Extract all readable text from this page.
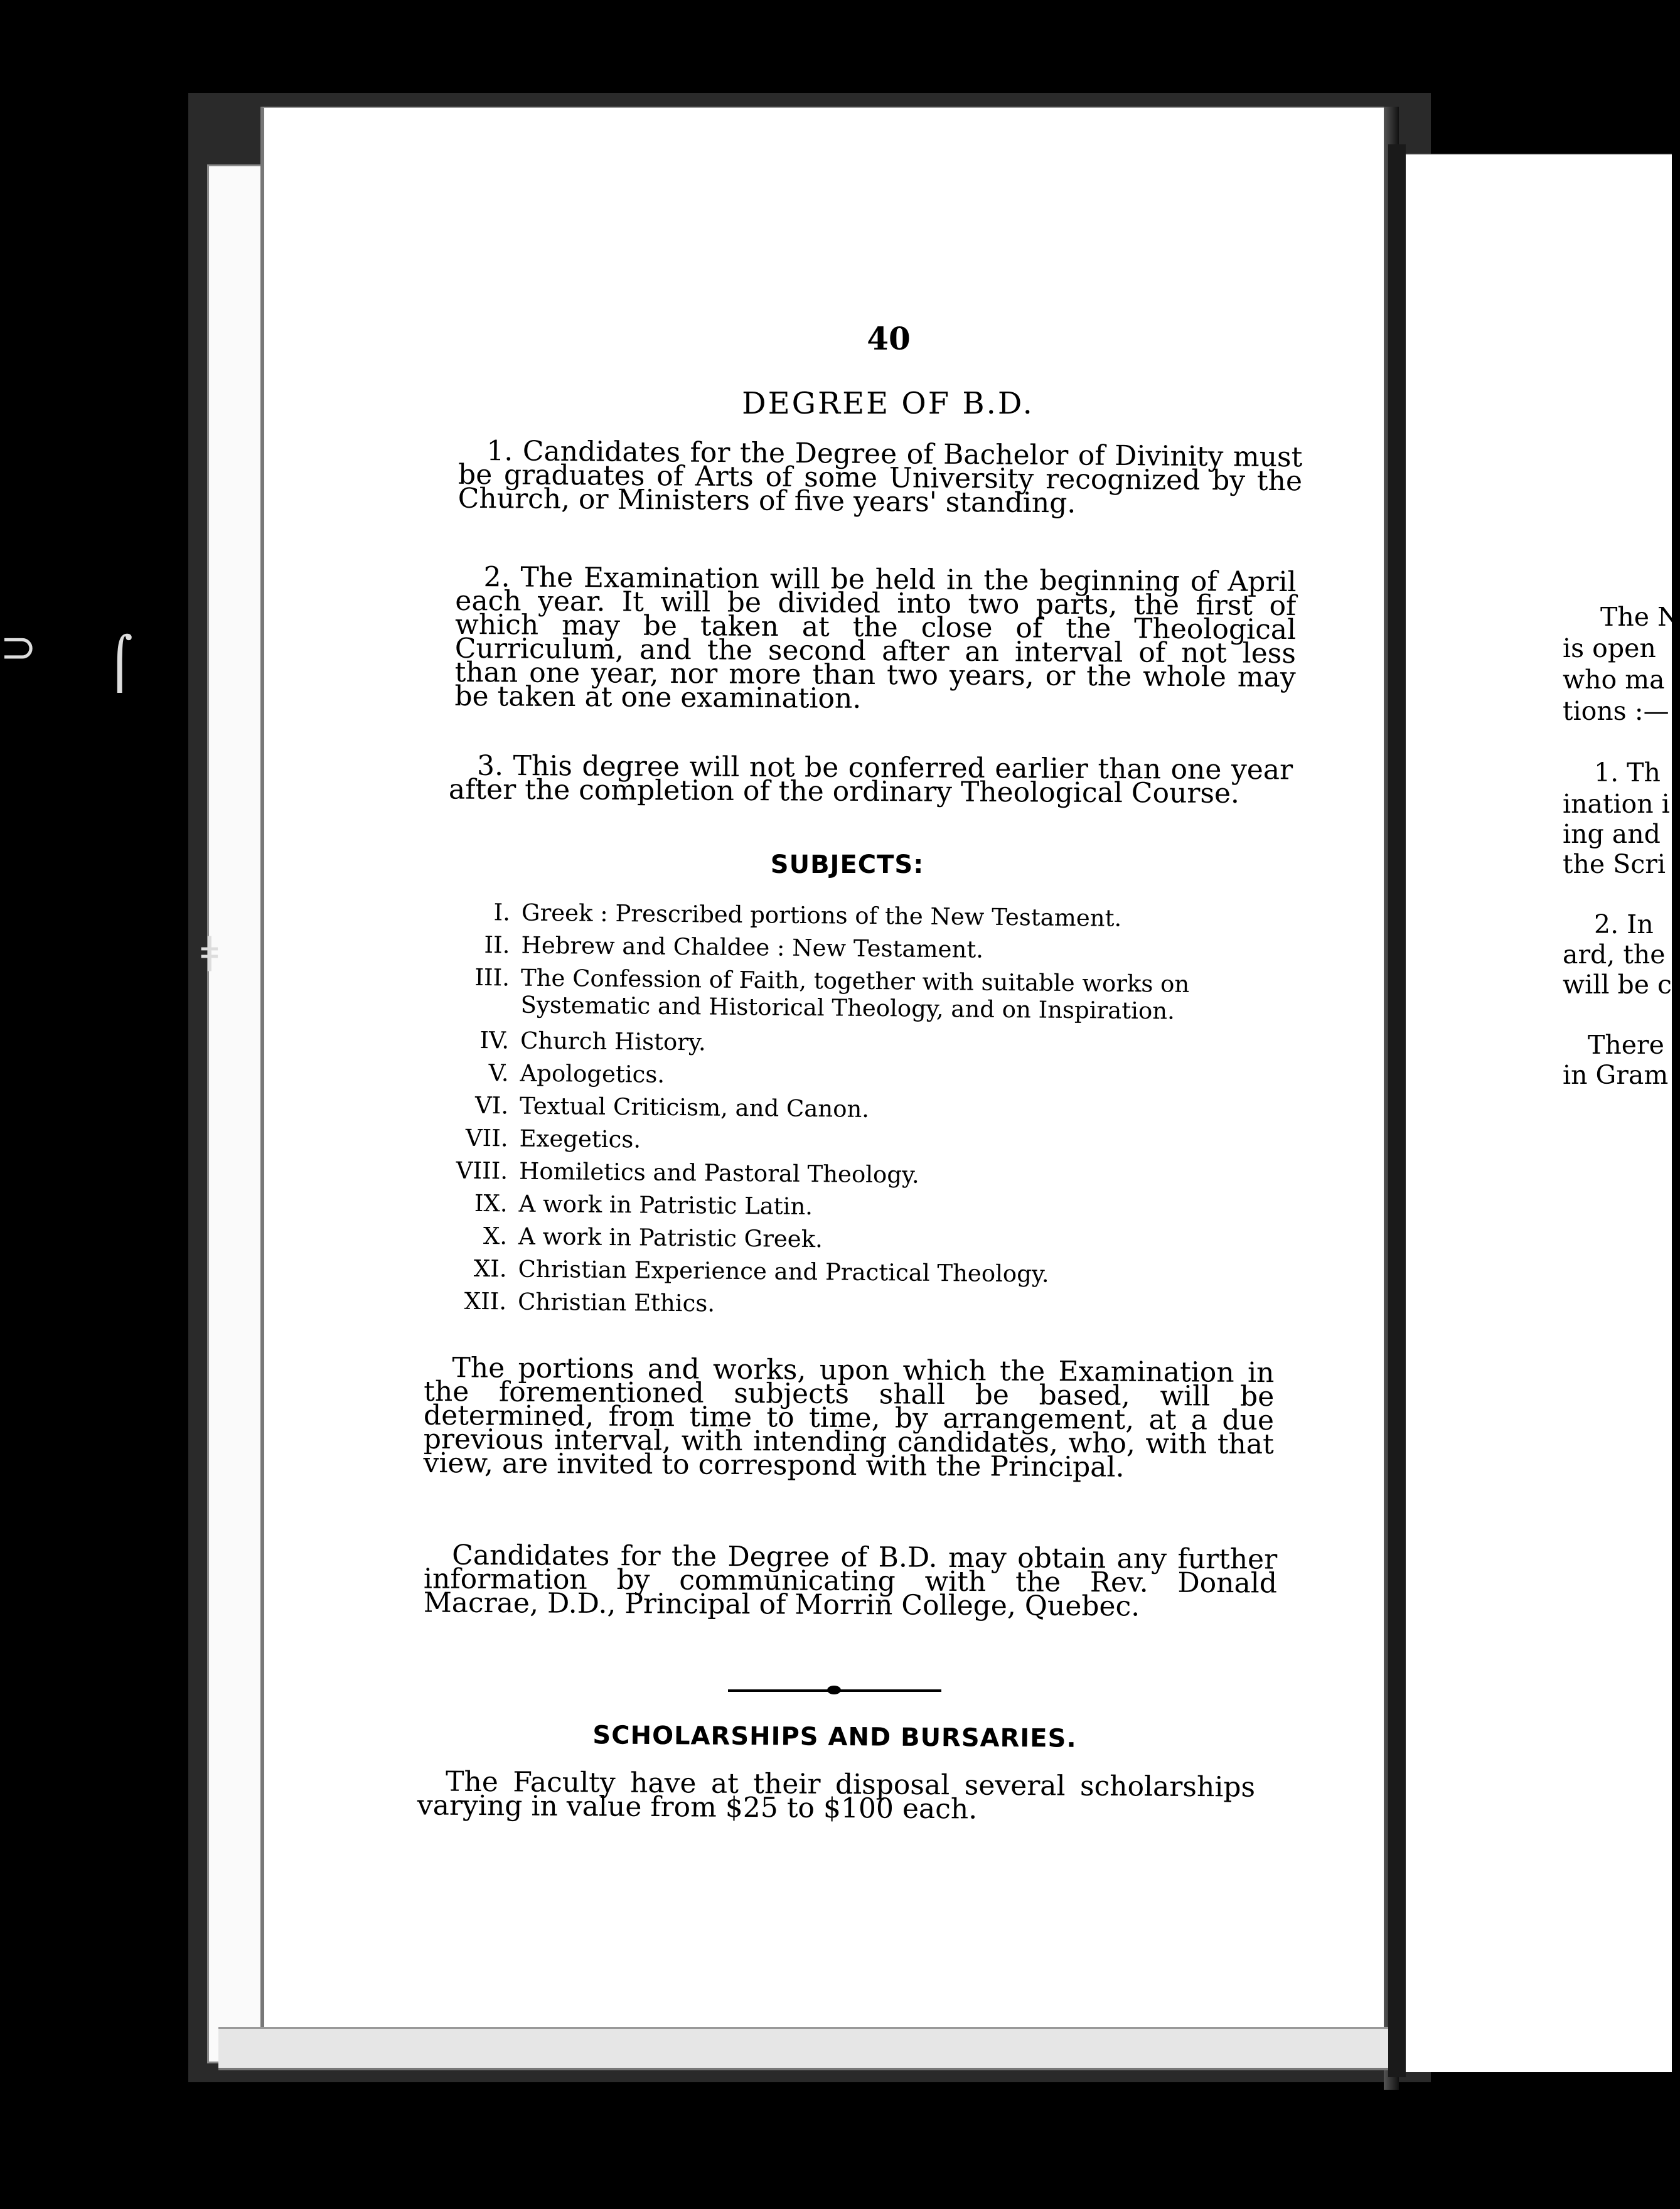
The N
is open
who ma
tions :—
1. Th
ination i
ing and
the Scri
2. In
ard, the
will be c
There
in Gram
⊃ ⌠
ǂ
40
DEGREE OF B.D.

1. Candidates for the Degree of Bachelor of Divinity must be graduates of Arts of some University recognized by the Church, or Ministers of five years' standing.

2. The Examination will be held in the beginning of April each year. It will be divided into two parts, the first of which may be taken at the close of the Theological Curriculum, and the second after an interval of not less than one year, nor more than two years, or the whole may be taken at one examination.

3. This degree will not be conferred earlier than one year after the completion of the ordinary Theological Course.

SUBJECTS:
I. Greek : Prescribed portions of the New Testament.
II. Hebrew and Chaldee : New Testament.
III. The Confession of Faith, together with suitable works on Systematic and Historical Theology, and on Inspiration.
IV. Church History.
V. Apologetics.
VI. Textual Criticism, and Canon.
VII. Exegetics.
VIII. Homiletics and Pastoral Theology.
IX. A work in Patristic Latin.
X. A work in Patristic Greek.
XI. Christian Experience and Practical Theology.
XII. Christian Ethics.

The portions and works, upon which the Examination in the forementioned subjects shall be based, will be determined, from time to time, by arrangement, at a due previous interval, with intending candidates, who, with that view, are invited to correspond with the Principal.

Candidates for the Degree of B.D. may obtain any further information by communicating with the Rev. Donald Macrae, D.D., Principal of Morrin College, Quebec.

SCHOLARSHIPS AND BURSARIES.

The Faculty have at their disposal several scholarships varying in value from $25 to $100 each.
